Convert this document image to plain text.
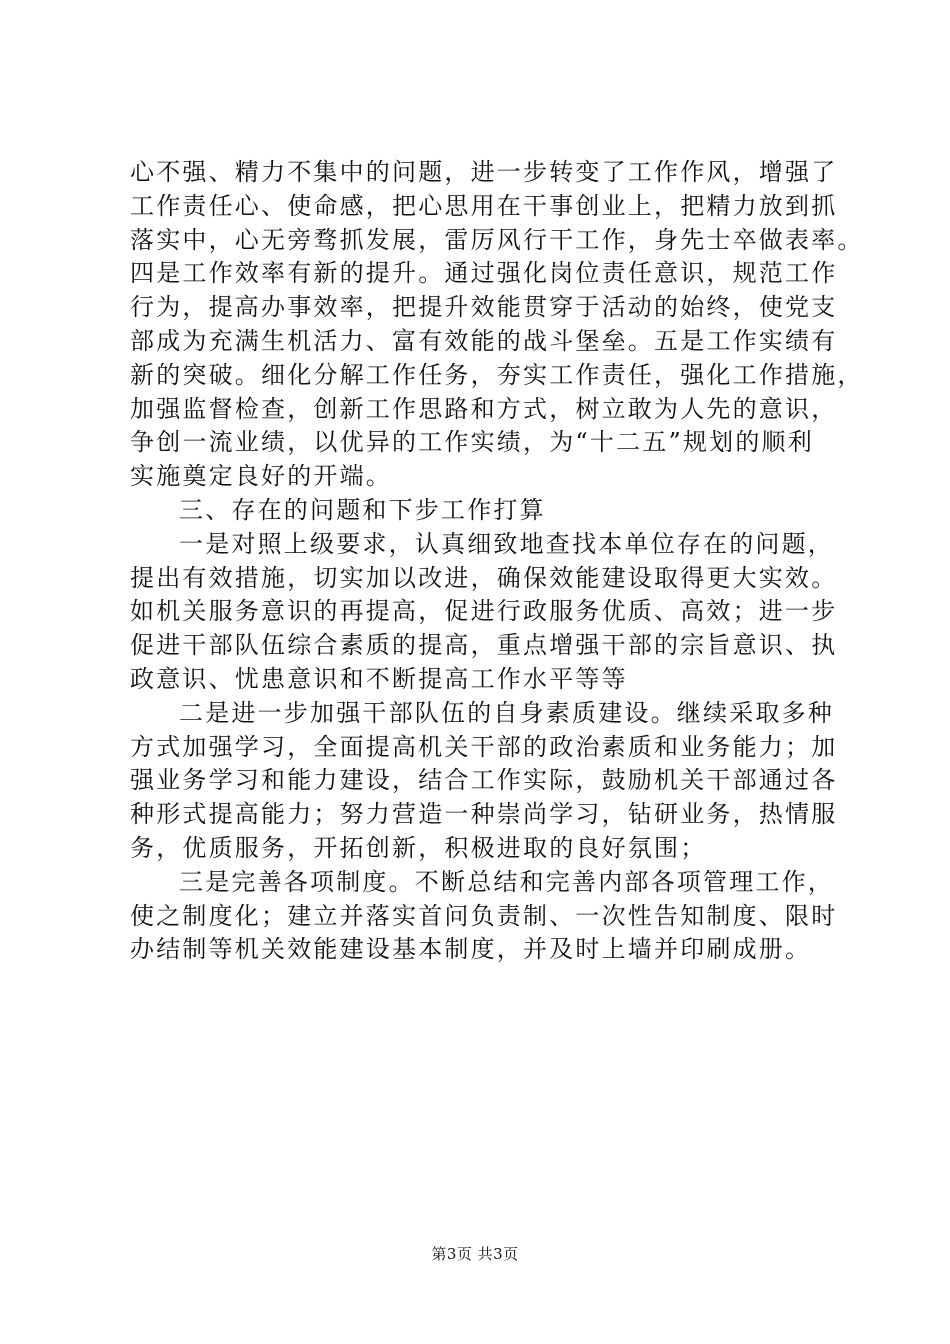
心不强、精力不集中的问题，进一步转变了工作作风，增强了
工作责任心、使命感，把心思用在干事创业上，把精力放到抓
落实中，心无旁骛抓发展，雷厉风行干工作，身先士卒做表率。
四是工作效率有新的提升。通过强化岗位责任意识，规范工作
行为，提高办事效率，把提升效能贯穿于活动的始终，使党支
部成为充满生机活力、富有效能的战斗堡垒。五是工作实绩有
新的突破。细化分解工作任务，夯实工作责任，强化工作措施，
加强监督检查，创新工作思路和方式，树立敢为人先的意识，
争创一流业绩，以优异的工作实绩，为“十二五”规划的顺利
实施奠定良好的开端。
三、存在的问题和下步工作打算
一是对照上级要求，认真细致地查找本单位存在的问题，
提出有效措施，切实加以改进，确保效能建设取得更大实效。
如机关服务意识的再提高，促进行政服务优质、高效；进一步
促进干部队伍综合素质的提高，重点增强干部的宗旨意识、执
政意识、忧患意识和不断提高工作水平等等
二是进一步加强干部队伍的自身素质建设。继续采取多种
方式加强学习，全面提高机关干部的政治素质和业务能力；加
强业务学习和能力建设，结合工作实际，鼓励机关干部通过各
种形式提高能力；努力营造一种崇尚学习，钻研业务，热情服
务，优质服务，开拓创新，积极进取的良好氛围；
三是完善各项制度。不断总结和完善内部各项管理工作，
使之制度化；建立并落实首问负责制、一次性告知制度、限时
办结制等机关效能建设基本制度，并及时上墙并印刷成册。
第3页 共3页
